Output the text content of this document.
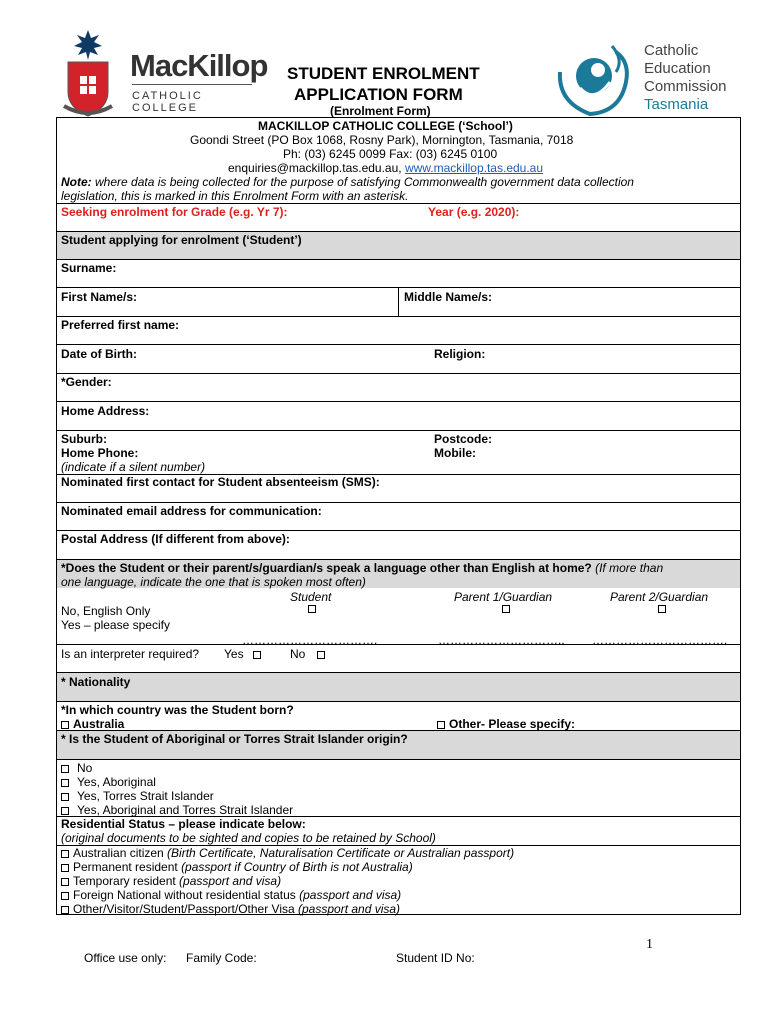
MacKillop
CATHOLIC COLLEGE
STUDENT ENROLMENT
APPLICATION FORM
(Enrolment Form)
Catholic
Education
Commission
Tasmania
MACKILLOP CATHOLIC COLLEGE (‘School’)
Goondi Street (PO Box 1068, Rosny Park), Mornington, Tasmania, 7018
Ph: (03) 6245 0099 Fax: (03) 6245 0100
enquiries@mackillop.tas.edu.au, www.mackillop.tas.edu.au
Note: where data is being collected for the purpose of satisfying Commonwealth government data collection
legislation, this is marked in this Enrolment Form with an asterisk.
Seeking enrolment for Grade (e.g. Yr 7):	Year (e.g. 2020):
Student applying for enrolment (‘Student’)
Surname:
First Name/s:	Middle Name/s:
Preferred first name:
Date of Birth:	Religion:
*Gender:
Home Address:
Suburb:	Postcode:
Home Phone:	Mobile:
(indicate if a silent number)
Nominated first contact for Student absenteeism (SMS):
Nominated email address for communication:
Postal Address (If different from above):
*Does the Student or their parent/s/guardian/s speak a language other than English at home? (If more than
one language, indicate the one that is spoken most often)
Student	Parent 1/Guardian	Parent 2/Guardian
No, English Only
Yes – please specify
…………………………….	………………………….. …………………………….
Is an interpreter required? Yes	No
* Nationality
*In which country was the Student born?
Australia	Other- Please specify:
* Is the Student of Aboriginal or Torres Strait Islander origin?
No
Yes, Aboriginal
Yes, Torres Strait Islander
Yes, Aboriginal and Torres Strait Islander
Residential Status – please indicate below:
(original documents to be sighted and copies to be retained by School)
Australian citizen (Birth Certificate, Naturalisation Certificate or Australian passport)
Permanent resident (passport if Country of Birth is not Australia)
Temporary resident (passport and visa)
Foreign National without residential status (passport and visa)
Other/Visitor/Student/Passport/Other Visa (passport and visa)
1
Office use only: Family Code:	Student ID No:
